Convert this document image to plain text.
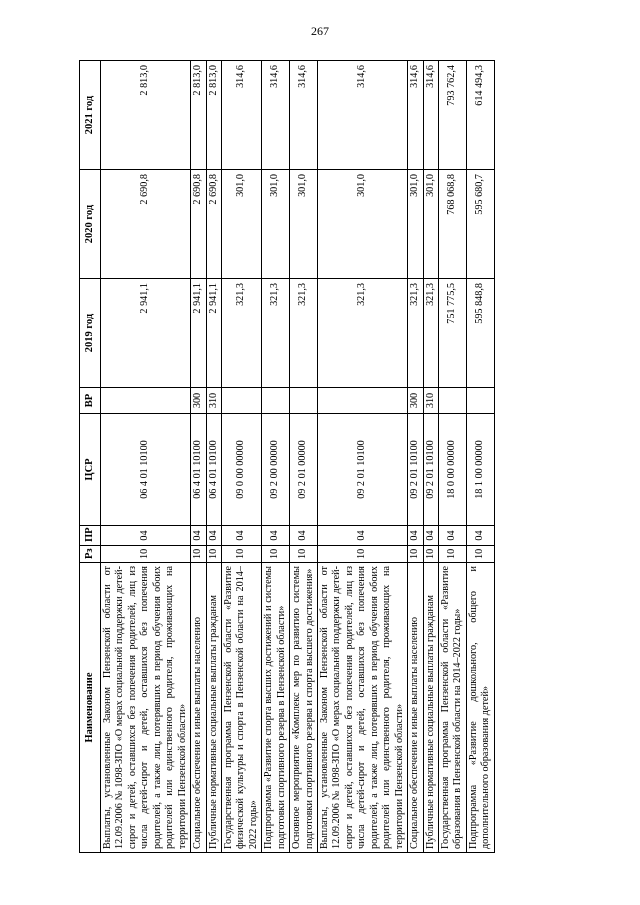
267
Наименование	Рз	ПР	ЦСР	ВР	2019 год	2020 год	2021 год
Выплаты, установленные Законом Пензенской области от 12.09.2006 № 1098-ЗПО «О мерах социальной поддержки детей-сирот и детей, оставшихся без попечения родителей, лиц из числа детей-сирот и детей, оставшихся без попечения родителей, а также лиц, потерявших в период обучения обоих родителей или единственного родителя, проживающих на территории Пензенской области»	10	04	06 4 01 10100		2 941,1	2 690,8	2 813,0
Социальное обеспечение и иные выплаты населению	10	04	06 4 01 10100	300	2 941,1	2 690,8	2 813,0
Публичные нормативные социальные выплаты гражданам	10	04	06 4 01 10100	310	2 941,1	2 690,8	2 813,0
Государственная программа Пензенской области «Развитие физической культуры и спорта в Пензенской области на 2014–2022 годы»	10	04	09 0 00 00000		321,3	301,0	314,6
Подпрограмма «Развитие спорта высших достижений и системы подготовки спортивного резерва в Пензенской области»	10	04	09 2 00 00000		321,3	301,0	314,6
Основное мероприятие «Комплекс мер по развитию системы подготовки спортивного резерва и спорта высшего достижения»	10	04	09 2 01 00000		321,3	301,0	314,6
Выплаты, установленные Законом Пензенской области от 12.09.2006 № 1098-ЗПО «О мерах социальной поддержки детей-сирот и детей, оставшихся без попечения родителей, лиц из числа детей-сирот и детей, оставшихся без попечения родителей, а также лиц, потерявших в период обучения обоих родителей или единственного родителя, проживающих на территории Пензенской области»	10	04	09 2 01 10100		321,3	301,0	314,6
Социальное обеспечение и иные выплаты населению	10	04	09 2 01 10100	300	321,3	301,0	314,6
Публичные нормативные социальные выплаты гражданам	10	04	09 2 01 10100	310	321,3	301,0	314,6
Государственная программа Пензенской области «Развитие образования в Пензенской области на 2014–2022 годы»	10	04	18 0 00 00000		751 775,5	768 068,8	793 762,4
Подпрограмма «Развитие дошкольного, общего и дополнительного образования детей»	10	04	18 1 00 00000		595 848,8	595 680,7	614 494,3
